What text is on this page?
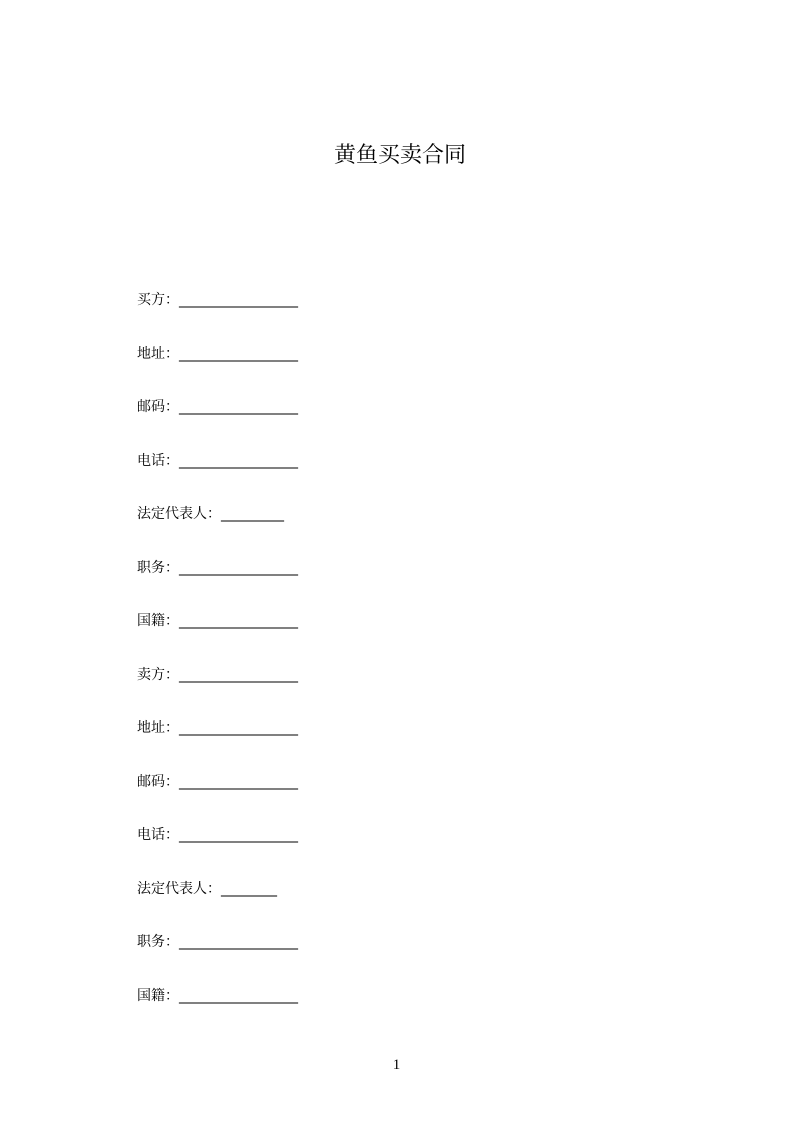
黄鱼买卖合同
买方：_________________
地址：_________________
邮码：_________________
电话：_________________
法定代表人：_________
职务：_________________
国籍：_________________
卖方：_________________
地址：_________________
邮码：_________________
电话：_________________
法定代表人：________
职务：_________________
国籍：_________________
1
